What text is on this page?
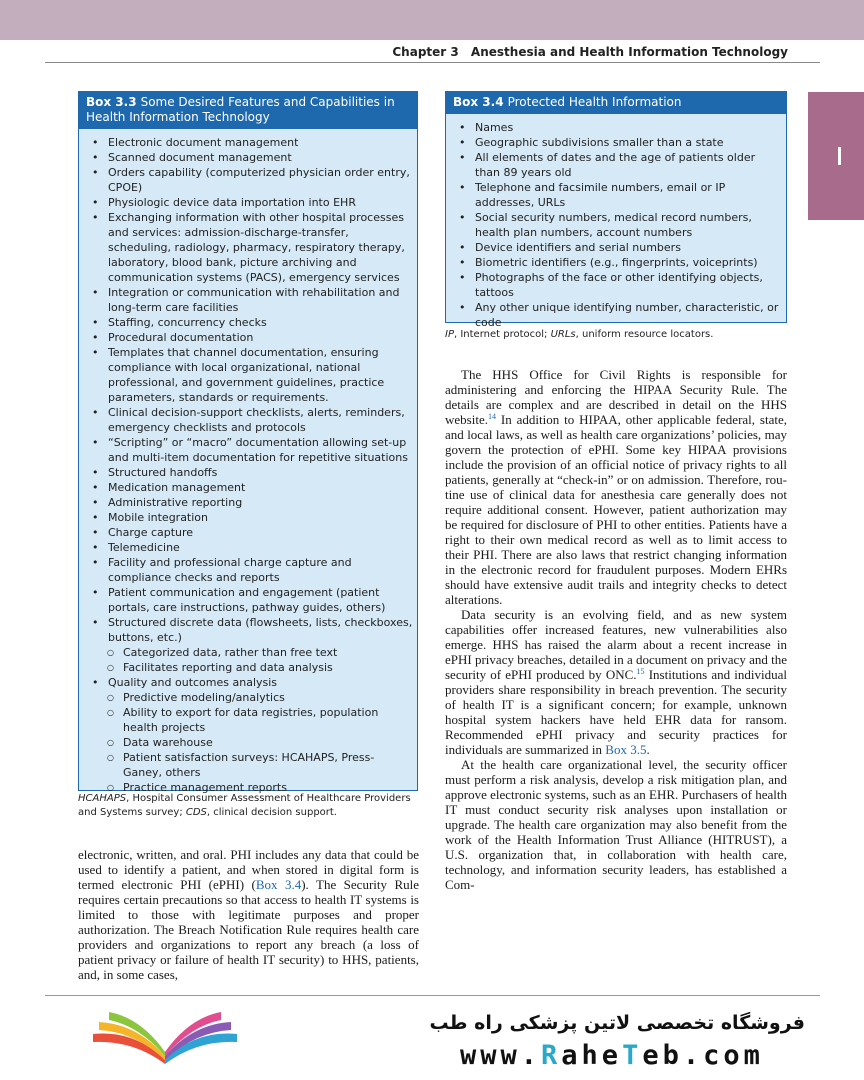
Chapter 3 Anesthesia and Health Information Technology
Box 3.3 Some Desired Features and Capabilities in Health Information Technology
• Electronic document management
• Scanned document management
• Orders capability (computerized physician order entry, CPOE)
• Physiologic device data importation into EHR
• Exchanging information with other hospital processes and services: admission-discharge-transfer, scheduling, radiology, pharmacy, respiratory therapy, laboratory, blood bank, picture archiving and communication systems (PACS), emergency services
• Integration or communication with rehabilitation and long-term care facilities
• Staffing, concurrency checks
• Procedural documentation
• Templates that channel documentation, ensuring compliance with local organizational, national professional, and government guidelines, practice parameters, standards or requirements.
• Clinical decision-support checklists, alerts, reminders, emergency checklists and protocols
• “Scripting” or “macro” documentation allowing set-up and multi-item documentation for repetitive situations
• Structured handoffs
• Medication management
• Administrative reporting
• Mobile integration
• Charge capture
• Telemedicine
• Facility and professional charge capture and compliance checks and reports
• Patient communication and engagement (patient portals, care instructions, pathway guides, others)
• Structured discrete data (flowsheets, lists, checkboxes, buttons, etc.)
○ Categorized data, rather than free text
○ Facilitates reporting and data analysis
• Quality and outcomes analysis
○ Predictive modeling/analytics
○ Ability to export for data registries, population health projects
○ Data warehouse
○ Patient satisfaction surveys: HCAHAPS, Press-Ganey, others
○ Practice management reports
HCAHAPS, Hospital Consumer Assessment of Healthcare Providers and Systems survey; CDS, clinical decision support.
Box 3.4 Protected Health Information
• Names
• Geographic subdivisions smaller than a state
• All elements of dates and the age of patients older than 89 years old
• Telephone and facsimile numbers, email or IP addresses, URLs
• Social security numbers, medical record numbers, health plan numbers, account numbers
• Device identifiers and serial numbers
• Biometric identifiers (e.g., fingerprints, voiceprints)
• Photographs of the face or other identifying objects, tattoos
• Any other unique identifying number, characteristic, or code
IP, Internet protocol; URLs, uniform resource locators.

electronic, written, and oral. PHI includes any data that could be used to identify a patient, and when stored in digital form is termed electronic PHI (ePHI) (Box 3.4). The Security Rule requires certain precautions so that access to health IT systems is limited to those with legitimate purposes and proper authorization. The Breach Notification Rule requires health care providers and organizations to report any breach (a loss of patient privacy or failure of health IT security) to HHS, patients, and, in some cases,

The HHS Office for Civil Rights is responsible for administering and enforcing the HIPAA Security Rule. The details are complex and are described in detail on the HHS website.$^{14}$ In addition to HIPAA, other applicable federal, state, and local laws, as well as health care organizations’ policies, may govern the protection of ePHI. Some key HIPAA provisions include the provision of an official notice of privacy rights to all patients, generally at “check-in” or on admission. Therefore, routine use of clinical data for anesthesia care generally does not require additional consent. However, patient authorization may be required for disclosure of PHI to other entities. Patients have a right to their own medical record as well as to limit access to their PHI. There are also laws that restrict changing information in the electronic record for fraudulent purposes. Modern EHRs should have extensive audit trails and integrity checks to detect alterations.

Data security is an evolving field, and as new system capabilities offer increased features, new vulnerabilities also emerge. HHS has raised the alarm about a recent increase in ePHI privacy breaches, detailed in a document on privacy and the security of ePHI produced by ONC.$^{15}$ Institutions and individual providers share responsibility in breach prevention. The security of health IT is a significant concern; for example, unknown hospital system hackers have held EHR data for ransom. Recommended ePHI privacy and security practices for individuals are summarized in Box 3.5.

At the health care organizational level, the security officer must perform a risk analysis, develop a risk mitigation plan, and approve electronic systems, such as an EHR. Purchasers of health IT must conduct security risk analyses upon installation or upgrade. The health care organization may also benefit from the work of the Health Information Trust Alliance (HITRUST), a U.S. organization that, in collaboration with health care, technology, and information security leaders, has established a Com-

فروشگاه تخصصی لاتین پزشکی راه طب
www.RaheTeb.com
